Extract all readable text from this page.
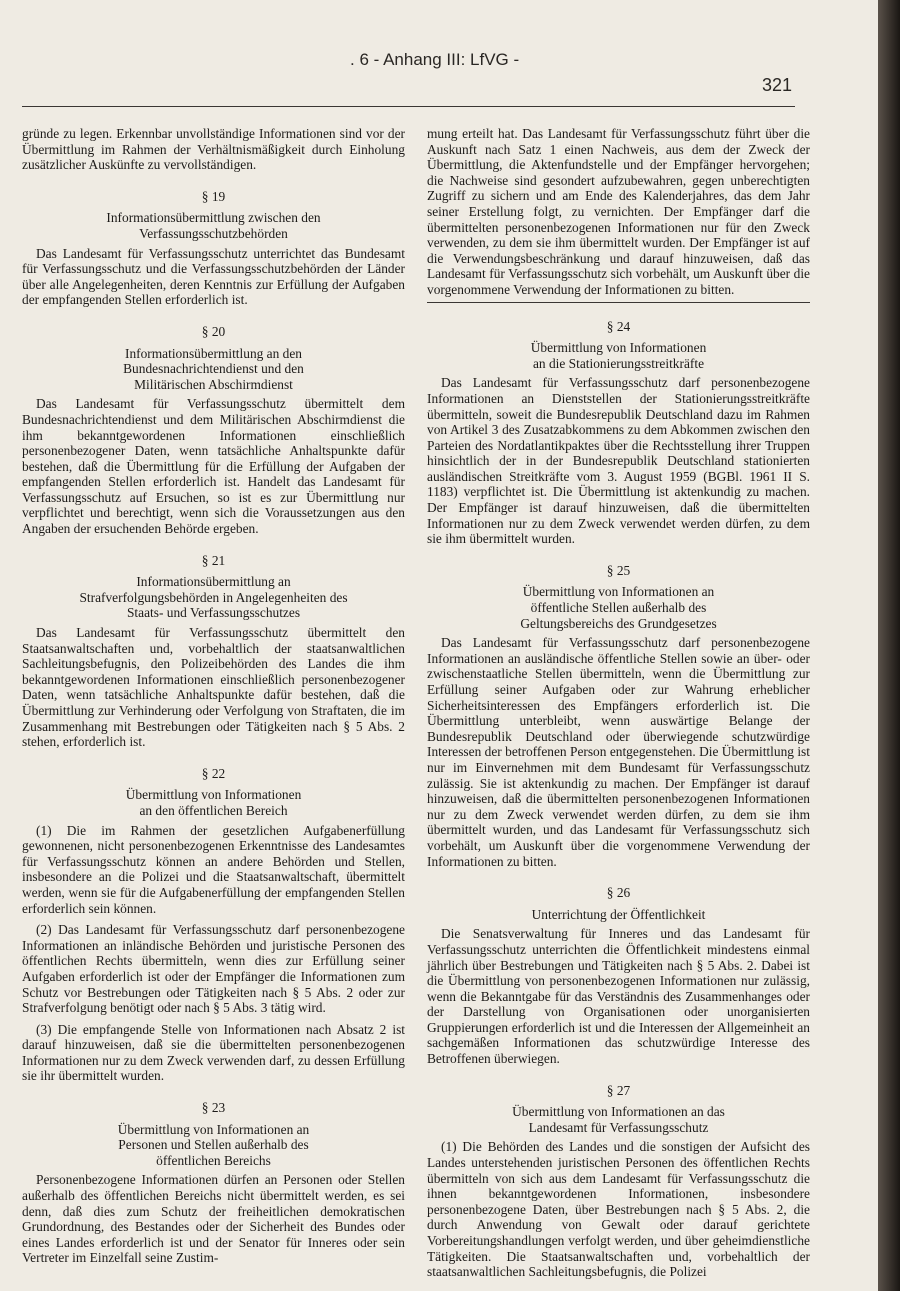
. 6 - Anhang III: LfVG -
321

gründe zu legen. Erkennbar unvollständige Informationen sind vor der Übermittlung im Rahmen der Verhältnismäßigkeit durch Einholung zusätzlicher Auskünfte zu vervollständigen.

§ 19
Informationsübermittlung zwischen den
Verfassungsschutzbehörden

Das Landesamt für Verfassungsschutz unterrichtet das Bundesamt für Verfassungsschutz und die Verfassungsschutzbehörden der Länder über alle Angelegenheiten, deren Kenntnis zur Erfüllung der Aufgaben der empfangenden Stellen erforderlich ist.

§ 20
Informationsübermittlung an den
Bundesnachrichtendienst und den
Militärischen Abschirmdienst

Das Landesamt für Verfassungsschutz übermittelt dem Bundesnachrichtendienst und dem Militärischen Abschirmdienst die ihm bekanntgewordenen Informationen einschließlich personenbezogener Daten, wenn tatsächliche Anhaltspunkte dafür bestehen, daß die Übermittlung für die Erfüllung der Aufgaben der empfangenden Stellen erforderlich ist. Handelt das Landesamt für Verfassungsschutz auf Ersuchen, so ist es zur Übermittlung nur verpflichtet und berechtigt, wenn sich die Voraussetzungen aus den Angaben der ersuchenden Behörde ergeben.

§ 21
Informationsübermittlung an
Strafverfolgungsbehörden in Angelegenheiten des
Staats- und Verfassungsschutzes

Das Landesamt für Verfassungsschutz übermittelt den Staatsanwaltschaften und, vorbehaltlich der staatsanwaltlichen Sachleitungsbefugnis, den Polizeibehörden des Landes die ihm bekanntgewordenen Informationen einschließlich personenbezogener Daten, wenn tatsächliche Anhaltspunkte dafür bestehen, daß die Übermittlung zur Verhinderung oder Verfolgung von Straftaten, die im Zusammenhang mit Bestrebungen oder Tätigkeiten nach § 5 Abs. 2 stehen, erforderlich ist.

§ 22
Übermittlung von Informationen
an den öffentlichen Bereich

(1) Die im Rahmen der gesetzlichen Aufgabenerfüllung gewonnenen, nicht personenbezogenen Erkenntnisse des Landesamtes für Verfassungsschutz können an andere Behörden und Stellen, insbesondere an die Polizei und die Staatsanwaltschaft, übermittelt werden, wenn sie für die Aufgabenerfüllung der empfangenden Stellen erforderlich sein können.

(2) Das Landesamt für Verfassungsschutz darf personenbezogene Informationen an inländische Behörden und juristische Personen des öffentlichen Rechts übermitteln, wenn dies zur Erfüllung seiner Aufgaben erforderlich ist oder der Empfänger die Informationen zum Schutz vor Bestrebungen oder Tätigkeiten nach § 5 Abs. 2 oder zur Strafverfolgung benötigt oder nach § 5 Abs. 3 tätig wird.

(3) Die empfangende Stelle von Informationen nach Absatz 2 ist darauf hinzuweisen, daß sie die übermittelten personenbezogenen Informationen nur zu dem Zweck verwenden darf, zu dessen Erfüllung sie ihr übermittelt wurden.

§ 23
Übermittlung von Informationen an
Personen und Stellen außerhalb des
öffentlichen Bereichs

Personenbezogene Informationen dürfen an Personen oder Stellen außerhalb des öffentlichen Bereichs nicht übermittelt werden, es sei denn, daß dies zum Schutz der freiheitlichen demokratischen Grundordnung, des Bestandes oder der Sicherheit des Bundes oder eines Landes erforderlich ist und der Senator für Inneres oder sein Vertreter im Einzelfall seine Zustim-

mung erteilt hat. Das Landesamt für Verfassungsschutz führt über die Auskunft nach Satz 1 einen Nachweis, aus dem der Zweck der Übermittlung, die Aktenfundstelle und der Empfänger hervorgehen; die Nachweise sind gesondert aufzubewahren, gegen unberechtigten Zugriff zu sichern und am Ende des Kalenderjahres, das dem Jahr seiner Erstellung folgt, zu vernichten. Der Empfänger darf die übermittelten personenbezogenen Informationen nur für den Zweck verwenden, zu dem sie ihm übermittelt wurden. Der Empfänger ist auf die Verwendungsbeschränkung und darauf hinzuweisen, daß das Landesamt für Verfassungsschutz sich vorbehält, um Auskunft über die vorgenommene Verwendung der Informationen zu bitten.

§ 24
Übermittlung von Informationen
an die Stationierungsstreitkräfte

Das Landesamt für Verfassungsschutz darf personenbezogene Informationen an Dienststellen der Stationierungsstreitkräfte übermitteln, soweit die Bundesrepublik Deutschland dazu im Rahmen von Artikel 3 des Zusatzabkommens zu dem Abkommen zwischen den Parteien des Nordatlantikpaktes über die Rechtsstellung ihrer Truppen hinsichtlich der in der Bundesrepublik Deutschland stationierten ausländischen Streitkräfte vom 3. August 1959 (BGBl. 1961 II S. 1183) verpflichtet ist. Die Übermittlung ist aktenkundig zu machen. Der Empfänger ist darauf hinzuweisen, daß die übermittelten Informationen nur zu dem Zweck verwendet werden dürfen, zu dem sie ihm übermittelt wurden.

§ 25
Übermittlung von Informationen an
öffentliche Stellen außerhalb des
Geltungsbereichs des Grundgesetzes

Das Landesamt für Verfassungsschutz darf personenbezogene Informationen an ausländische öffentliche Stellen sowie an über- oder zwischenstaatliche Stellen übermitteln, wenn die Übermittlung zur Erfüllung seiner Aufgaben oder zur Wahrung erheblicher Sicherheitsinteressen des Empfängers erforderlich ist. Die Übermittlung unterbleibt, wenn auswärtige Belange der Bundesrepublik Deutschland oder überwiegende schutzwürdige Interessen der betroffenen Person entgegenstehen. Die Übermittlung ist nur im Einvernehmen mit dem Bundesamt für Verfassungsschutz zulässig. Sie ist aktenkundig zu machen. Der Empfänger ist darauf hinzuweisen, daß die übermittelten personenbezogenen Informationen nur zu dem Zweck verwendet werden dürfen, zu dem sie ihm übermittelt wurden, und das Landesamt für Verfassungsschutz sich vorbehält, um Auskunft über die vorgenommene Verwendung der Informationen zu bitten.

§ 26
Unterrichtung der Öffentlichkeit

Die Senatsverwaltung für Inneres und das Landesamt für Verfassungsschutz unterrichten die Öffentlichkeit mindestens einmal jährlich über Bestrebungen und Tätigkeiten nach § 5 Abs. 2. Dabei ist die Übermittlung von personenbezogenen Informationen nur zulässig, wenn die Bekanntgabe für das Verständnis des Zusammenhanges oder der Darstellung von Organisationen oder unorganisierten Gruppierungen erforderlich ist und die Interessen der Allgemeinheit an sachgemäßen Informationen das schutzwürdige Interesse des Betroffenen überwiegen.

§ 27
Übermittlung von Informationen an das
Landesamt für Verfassungsschutz

(1) Die Behörden des Landes und die sonstigen der Aufsicht des Landes unterstehenden juristischen Personen des öffentlichen Rechts übermitteln von sich aus dem Landesamt für Verfassungsschutz die ihnen bekanntgewordenen Informationen, insbesondere personenbezogene Daten, über Bestrebungen nach § 5 Abs. 2, die durch Anwendung von Gewalt oder darauf gerichtete Vorbereitungshandlungen verfolgt werden, und über geheimdienstliche Tätigkeiten. Die Staatsanwaltschaften und, vorbehaltlich der staatsanwaltlichen Sachleitungsbefugnis, die Polizei
